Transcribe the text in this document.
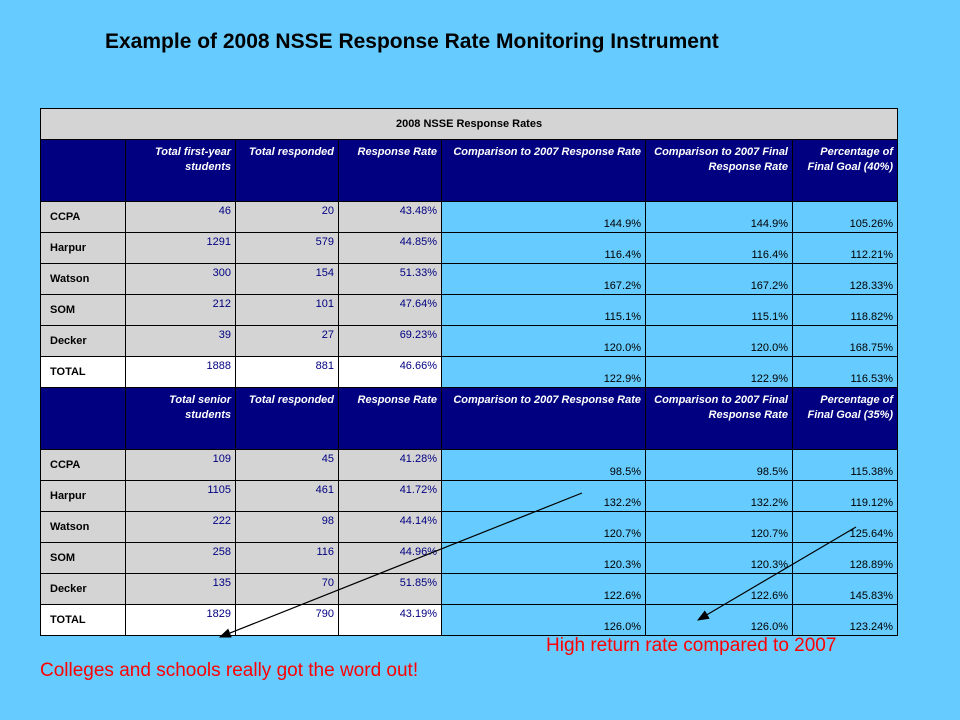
Example of 2008 NSSE Response Rate Monitoring Instrument
2008 NSSE Response Rates						
	Total first-year students	Total responded	Response Rate	Comparison to 2007 Response Rate	Comparison to 2007 Final Response Rate	Percentage of Final Goal (40%)
CCPA	46	20	43.48%	144.9%	144.9%	105.26%
Harpur	1291	579	44.85%	116.4%	116.4%	112.21%
Watson	300	154	51.33%	167.2%	167.2%	128.33%
SOM	212	101	47.64%	115.1%	115.1%	118.82%
Decker	39	27	69.23%	120.0%	120.0%	168.75%
TOTAL	1888	881	46.66%	122.9%	122.9%	116.53%
	Total senior students	Total responded	Response Rate	Comparison to 2007 Response Rate	Comparison to 2007 Final Response Rate	Percentage of Final Goal (35%)
CCPA	109	45	41.28%	98.5%	98.5%	115.38%
Harpur	1105	461	41.72%	132.2%	132.2%	119.12%
Watson	222	98	44.14%	120.7%	120.7%	125.64%
SOM	258	116	44.96%	120.3%	120.3%	128.89%
Decker	135	70	51.85%	122.6%	122.6%	145.83%
TOTAL	1829	790	43.19%	126.0%	126.0%	123.24%
Colleges and schools really got the word out!
High return rate compared to 2007
